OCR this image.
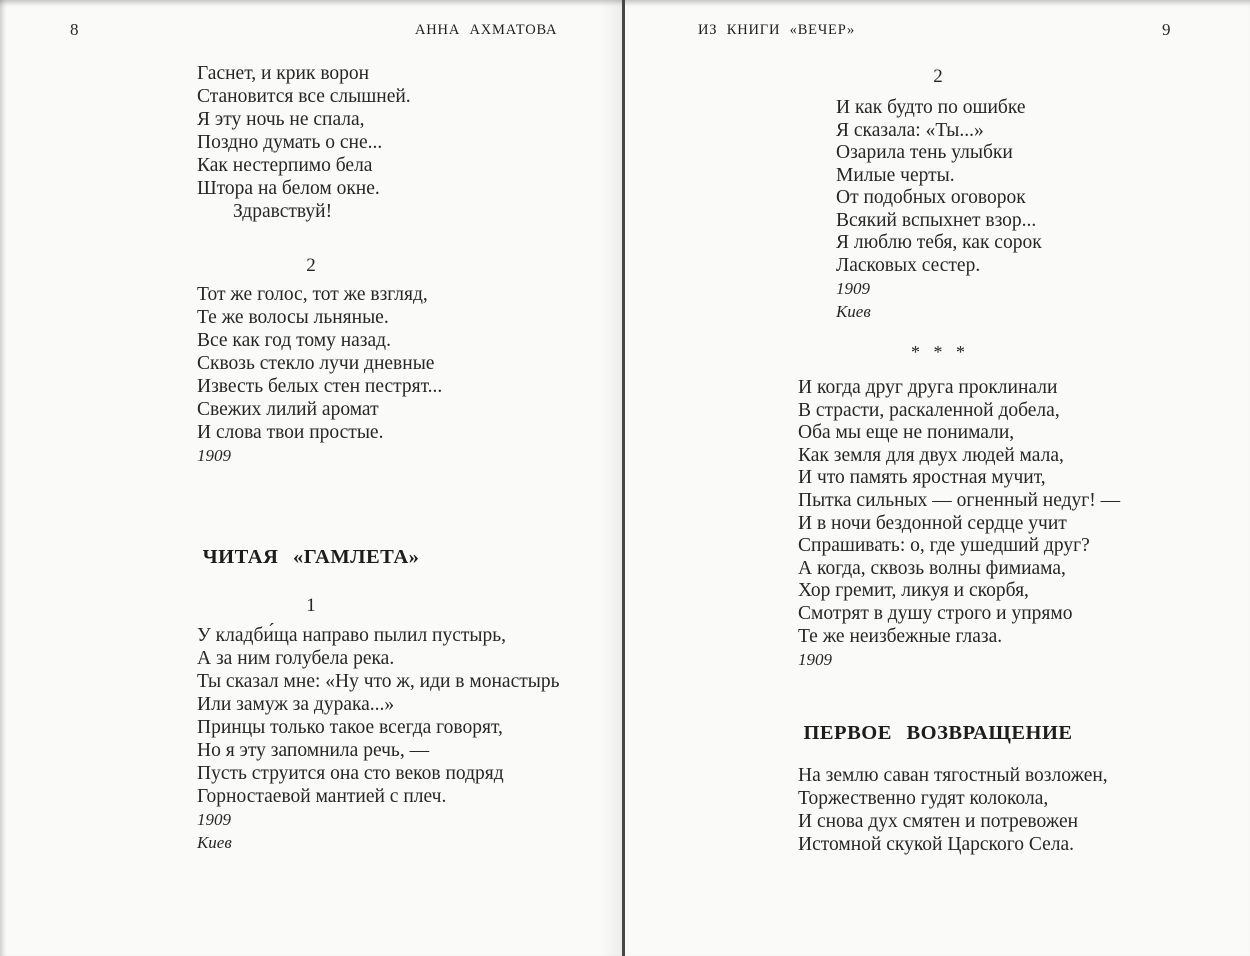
8	АННА АХМАТОВА
Гаснет, и крик ворон
Становится все слышней.
Я эту ночь не спала,
Поздно думать о сне...
Как нестерпимо бела
Штора на белом окне.
Здравствуй!
2
Тот же голос, тот же взгляд,
Те же волосы льняные.
Все как год тому назад.
Сквозь стекло лучи дневные
Известь белых стен пестрят...
Свежих лилий аромат
И слова твои простые.
1909
ЧИТАЯ «ГАМЛЕТА»
1
У кладби́ща направо пылил пустырь,
А за ним голубела река.
Ты сказал мне: «Ну что ж, иди в монастырь
Или замуж за дурака...»
Принцы только такое всегда говорят,
Но я эту запомнила речь, —
Пусть струится она сто веков подряд
Горностаевой мантией с плеч.
1909
Киев
ИЗ КНИГИ «ВЕЧЕР»	9
2
И как будто по ошибке
Я сказала: «Ты...»
Озарила тень улыбки
Милые черты.
От подобных оговорок
Всякий вспыхнет взор...
Я люблю тебя, как сорок
Ласковых сестер.
1909
Киев
* * *
И когда друг друга проклинали
В страсти, раскаленной добела,
Оба мы еще не понимали,
Как земля для двух людей мала,
И что память яростная мучит,
Пытка сильных — огненный недуг! —
И в ночи бездонной сердце учит
Спрашивать: о, где ушедший друг?
А когда, сквозь волны фимиама,
Хор гремит, ликуя и скорбя,
Смотрят в душу строго и упрямо
Те же неизбежные глаза.
1909
ПЕРВОЕ ВОЗВРАЩЕНИЕ
На землю саван тягостный возложен,
Торжественно гудят колокола,
И снова дух смятен и потревожен
Истомной скукой Царского Села.
